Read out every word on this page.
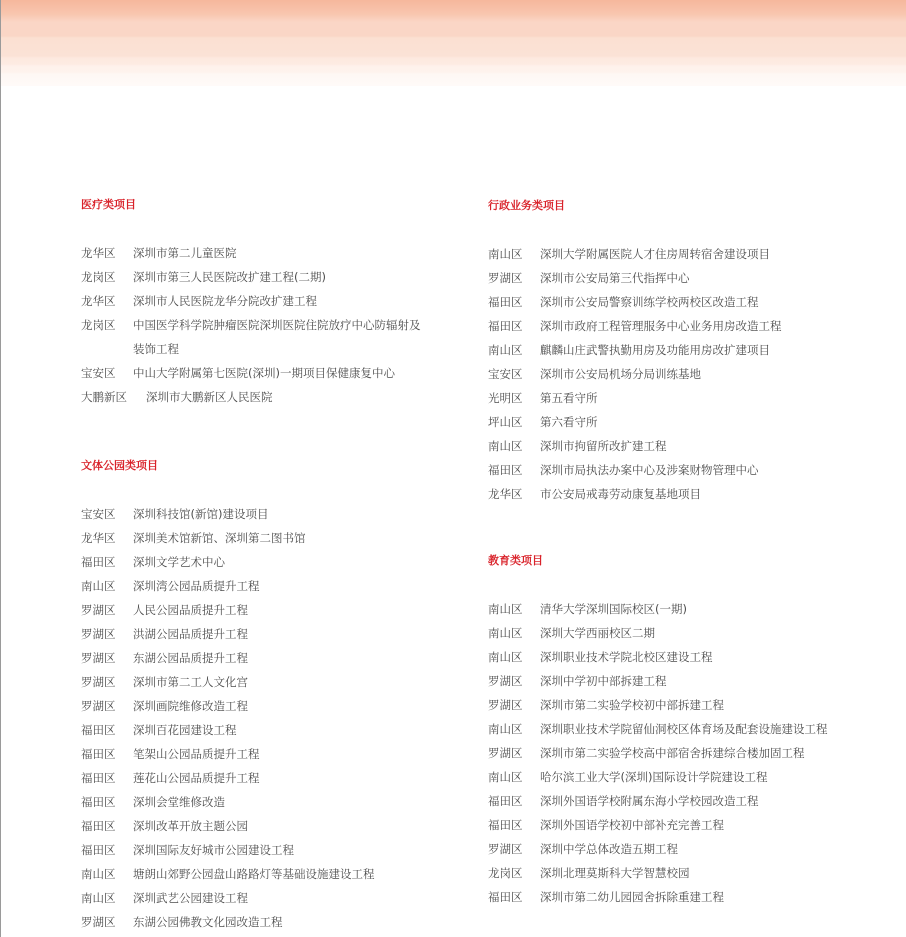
医疗类项目
龙华区 深圳市第二儿童医院
龙岗区 深圳市第三人民医院改扩建工程(二期)
龙华区 深圳市人民医院龙华分院改扩建工程
龙岗区 中国医学科学院肿瘤医院深圳医院住院放疗中心防辐射及装饰工程
宝安区 中山大学附属第七医院(深圳)一期项目保健康复中心
大鹏新区 深圳市大鹏新区人民医院
文体公园类项目
宝安区 深圳科技馆(新馆)建设项目
龙华区 深圳美术馆新馆、深圳第二图书馆
福田区 深圳文学艺术中心
南山区 深圳湾公园品质提升工程
罗湖区 人民公园品质提升工程
罗湖区 洪湖公园品质提升工程
罗湖区 东湖公园品质提升工程
罗湖区 深圳市第二工人文化宫
罗湖区 深圳画院维修改造工程
福田区 深圳百花园建设工程
福田区 笔架山公园品质提升工程
福田区 莲花山公园品质提升工程
福田区 深圳会堂维修改造
福田区 深圳改革开放主题公园
福田区 深圳国际友好城市公园建设工程
南山区 塘朗山郊野公园盘山路路灯等基础设施建设工程
南山区 深圳武艺公园建设工程
罗湖区 东湖公园佛教文化园改造工程
行政业务类项目
南山区 深圳大学附属医院人才住房周转宿舍建设项目
罗湖区 深圳市公安局第三代指挥中心
福田区 深圳市公安局警察训练学校两校区改造工程
福田区 深圳市政府工程管理服务中心业务用房改造工程
南山区 麒麟山庄武警执勤用房及功能用房改扩建项目
宝安区 深圳市公安局机场分局训练基地
光明区 第五看守所
坪山区 第六看守所
南山区 深圳市拘留所改扩建工程
福田区 深圳市局执法办案中心及涉案财物管理中心
龙华区 市公安局戒毒劳动康复基地项目
教育类项目
南山区 清华大学深圳国际校区(一期)
南山区 深圳大学西丽校区二期
南山区 深圳职业技术学院北校区建设工程
罗湖区 深圳中学初中部拆建工程
罗湖区 深圳市第二实验学校初中部拆建工程
南山区 深圳职业技术学院留仙洞校区体育场及配套设施建设工程
罗湖区 深圳市第二实验学校高中部宿舍拆建综合楼加固工程
南山区 哈尔滨工业大学(深圳)国际设计学院建设工程
福田区 深圳外国语学校附属东海小学校园改造工程
福田区 深圳外国语学校初中部补充完善工程
罗湖区 深圳中学总体改造五期工程
龙岗区 深圳北理莫斯科大学智慧校园
福田区 深圳市第二幼儿园园舍拆除重建工程
